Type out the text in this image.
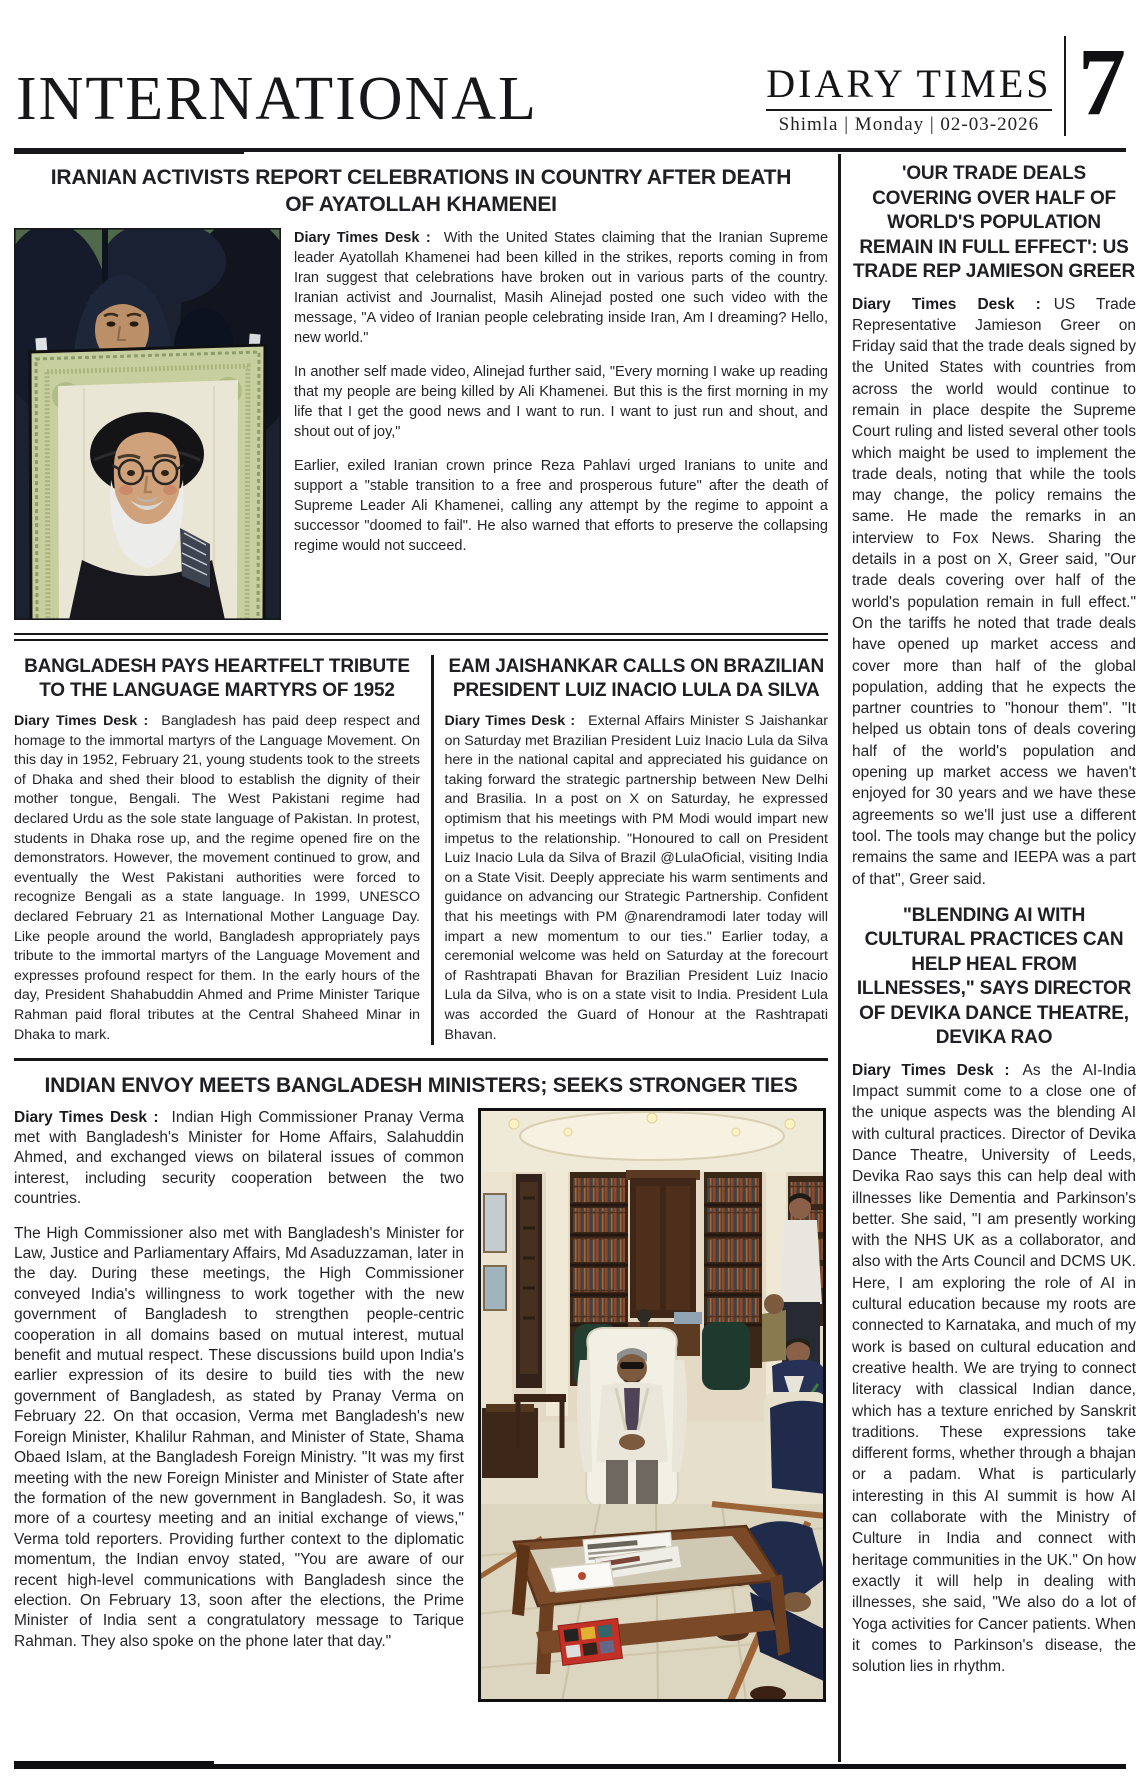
INTERNATIONAL	DIARY TIMES
Shimla | Monday | 02-03-2026 7
IRANIAN ACTIVISTS REPORT CELEBRATIONS IN COUNTRY AFTER DEATH OF AYATOLLAH KHAMENEI

Diary Times Desk : With the United States claiming that the Iranian Supreme leader Ayatollah Khamenei had been killed in the strikes, reports coming in from Iran suggest that celebrations have broken out in various parts of the country. Iranian activist and Journalist, Masih Alinejad posted one such video with the message, "A video of Iranian people celebrating inside Iran, Am I dreaming? Hello, new world."

In another self made video, Alinejad further said, "Every morning I wake up reading that my people are being killed by Ali Khamenei. But this is the first morning in my life that I get the good news and I want to run. I want to just run and shout, and shout out of joy,"

Earlier, exiled Iranian crown prince Reza Pahlavi urged Iranians to unite and support a "stable transition to a free and prosperous future" after the death of Supreme Leader Ali Khamenei, calling any attempt by the regime to appoint a successor "doomed to fail". He also warned that efforts to preserve the collapsing regime would not succeed.

BANGLADESH PAYS HEARTFELT TRIBUTE TO THE LANGUAGE MARTYRS OF 1952

Diary Times Desk : Bangladesh has paid deep respect and homage to the immortal martyrs of the Language Movement. On this day in 1952, February 21, young students took to the streets of Dhaka and shed their blood to establish the dignity of their mother tongue, Bengali. The West Pakistani regime had declared Urdu as the sole state language of Pakistan. In protest, students in Dhaka rose up, and the regime opened fire on the demonstrators. However, the movement continued to grow, and eventually the West Pakistani authorities were forced to recognize Bengali as a state language. In 1999, UNESCO declared February 21 as International Mother Language Day. Like people around the world, Bangladesh appropriately pays tribute to the immortal martyrs of the Language Movement and expresses profound respect for them. In the early hours of the day, President Shahabuddin Ahmed and Prime Minister Tarique Rahman paid floral tributes at the Central Shaheed Minar in Dhaka to mark.

EAM JAISHANKAR CALLS ON BRAZILIAN PRESIDENT LUIZ INACIO LULA DA SILVA

Diary Times Desk : External Affairs Minister S Jaishankar on Saturday met Brazilian President Luiz Inacio Lula da Silva here in the national capital and appreciated his guidance on taking forward the strategic partnership between New Delhi and Brasilia. In a post on X on Saturday, he expressed optimism that his meetings with PM Modi would impart new impetus to the relationship. "Honoured to call on President Luiz Inacio Lula da Silva of Brazil @LulaOficial, visiting India on a State Visit. Deeply appreciate his warm sentiments and guidance on advancing our Strategic Partnership. Confident that his meetings with PM @narendramodi later today will impart a new momentum to our ties." Earlier today, a ceremonial welcome was held on Saturday at the forecourt of Rashtrapati Bhavan for Brazilian President Luiz Inacio Lula da Silva, who is on a state visit to India. President Lula was accorded the Guard of Honour at the Rashtrapati Bhavan.

INDIAN ENVOY MEETS BANGLADESH MINISTERS; SEEKS STRONGER TIES

Diary Times Desk : Indian High Commissioner Pranay Verma met with Bangladesh's Minister for Home Affairs, Salahuddin Ahmed, and exchanged views on bilateral issues of common interest, including security cooperation between the two countries.

The High Commissioner also met with Bangladesh's Minister for Law, Justice and Parliamentary Affairs, Md Asaduzzaman, later in the day. During these meetings, the High Commissioner conveyed India's willingness to work together with the new government of Bangladesh to strengthen people-centric cooperation in all domains based on mutual interest, mutual benefit and mutual respect. These discussions build upon India's earlier expression of its desire to build ties with the new government of Bangladesh, as stated by Pranay Verma on February 22. On that occasion, Verma met Bangladesh's new Foreign Minister, Khalilur Rahman, and Minister of State, Shama Obaed Islam, at the Bangladesh Foreign Ministry. "It was my first meeting with the new Foreign Minister and Minister of State after the formation of the new government in Bangladesh. So, it was more of a courtesy meeting and an initial exchange of views," Verma told reporters. Providing further context to the diplomatic momentum, the Indian envoy stated, "You are aware of our recent high-level communications with Bangladesh since the election. On February 13, soon after the elections, the Prime Minister of India sent a congratulatory message to Tarique Rahman. They also spoke on the phone later that day."

'OUR TRADE DEALS COVERING OVER HALF OF WORLD'S POPULATION REMAIN IN FULL EFFECT': US TRADE REP JAMIESON GREER

Diary Times Desk : US Trade Representative Jamieson Greer on Friday said that the trade deals signed by the United States with countries from across the world would continue to remain in place despite the Supreme Court ruling and listed several other tools which maight be used to implement the trade deals, noting that while the tools may change, the policy remains the same. He made the remarks in an interview to Fox News. Sharing the details in a post on X, Greer said, "Our trade deals covering over half of the world's population remain in full effect." On the tariffs he noted that trade deals have opened up market access and cover more than half of the global population, adding that he expects the partner countries to "honour them". "It helped us obtain tons of deals covering half of the world's population and opening up market access we haven't enjoyed for 30 years and we have these agreements so we'll just use a different tool. The tools may change but the policy remains the same and IEEPA was a part of that", Greer said.

"BLENDING AI WITH CULTURAL PRACTICES CAN HELP HEAL FROM ILLNESSES," SAYS DIRECTOR OF DEVIKA DANCE THEATRE, DEVIKA RAO

Diary Times Desk : As the AI-India Impact summit come to a close one of the unique aspects was the blending AI with cultural practices. Director of Devika Dance Theatre, University of Leeds, Devika Rao says this can help deal with illnesses like Dementia and Parkinson's better. She said, "I am presently working with the NHS UK as a collaborator, and also with the Arts Council and DCMS UK. Here, I am exploring the role of AI in cultural education because my roots are connected to Karnataka, and much of my work is based on cultural education and creative health. We are trying to connect literacy with classical Indian dance, which has a texture enriched by Sanskrit traditions. These expressions take different forms, whether through a bhajan or a padam. What is particularly interesting in this AI summit is how AI can collaborate with the Ministry of Culture in India and connect with heritage communities in the UK." On how exactly it will help in dealing with illnesses, she said, "We also do a lot of Yoga activities for Cancer patients. When it comes to Parkinson's disease, the solution lies in rhythm.
